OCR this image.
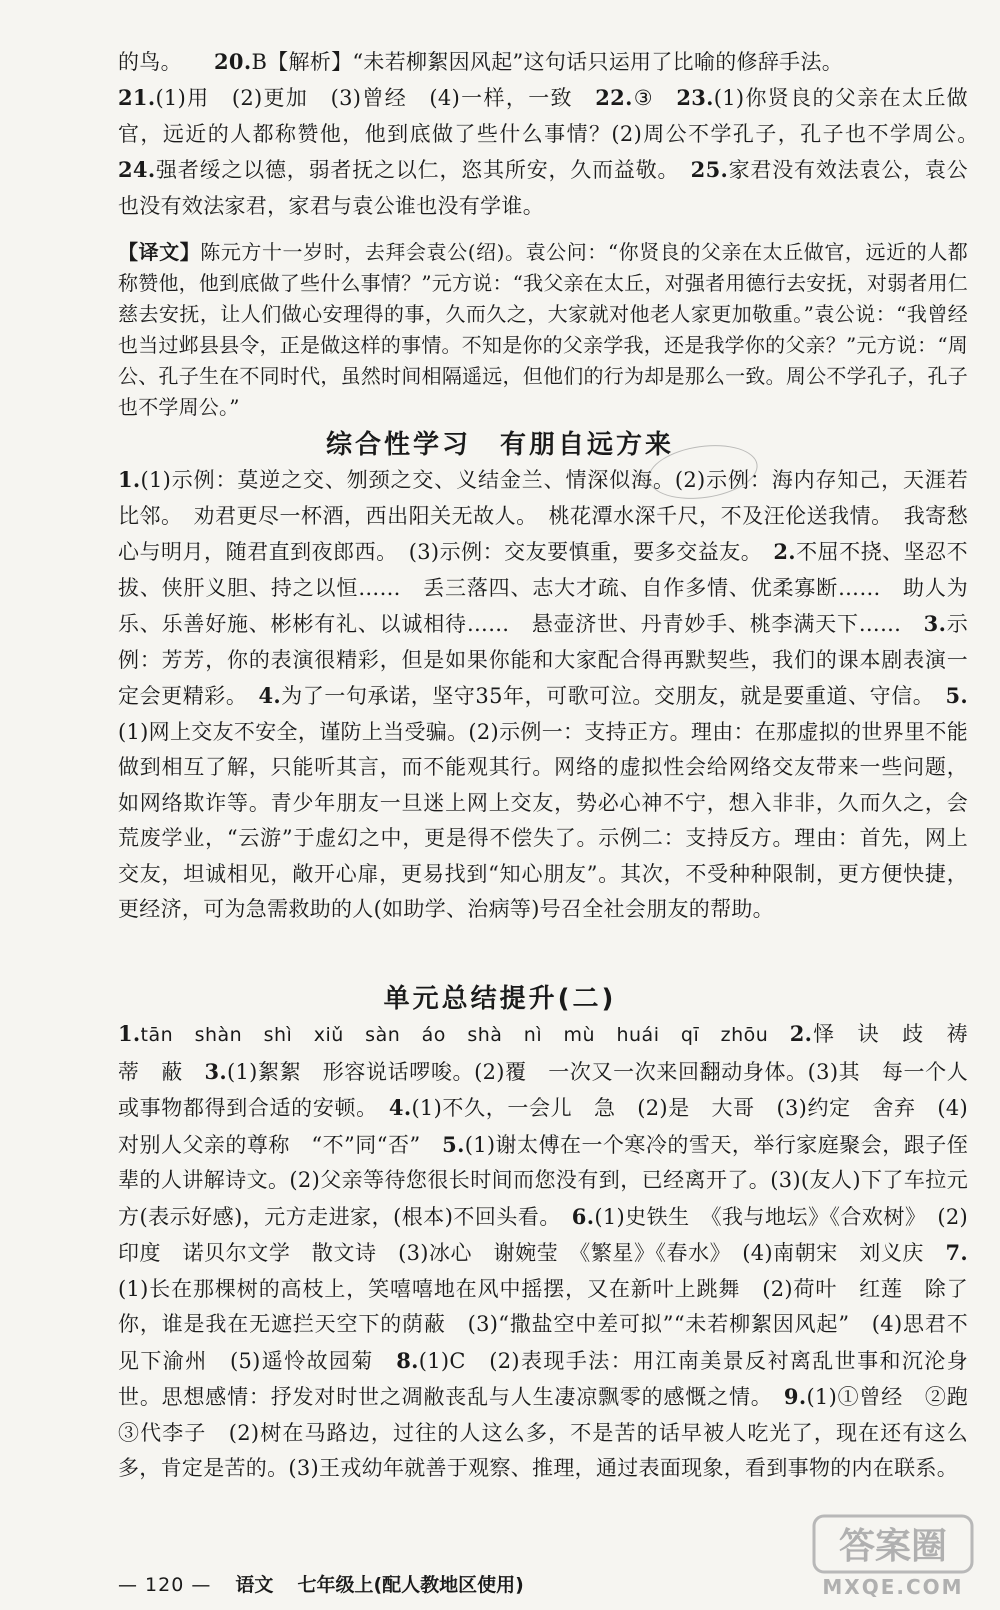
的鸟。　　 20.B【解析】“未若柳絮因风起”这句话只运用了比喻的修辞手法。
21.(1)用　(2)更加　(3)曾经　(4)一样，一致　22.③　23.(1)你贤良的父亲在太丘做官，远近的人都称赞他，他到底做了些什么事情？(2)周公不学孔子，孔子也不学周公。　24.强者绥之以德，弱者抚之以仁，恣其所安，久而益敬。　25.家君没有效法袁公，袁公也没有效法家君，家君与袁公谁也没有学谁。
【译文】陈元方十一岁时，去拜会袁公(绍)。袁公问：“你贤良的父亲在太丘做官，远近的人都称赞他，他到底做了些什么事情？”元方说：“我父亲在太丘，对强者用德行去安抚，对弱者用仁慈去安抚，让人们做心安理得的事，久而久之，大家就对他老人家更加敬重。”袁公说：“我曾经也当过邺县县令，正是做这样的事情。不知是你的父亲学我，还是我学你的父亲？”元方说：“周公、孔子生在不同时代，虽然时间相隔遥远，但他们的行为却是那么一致。周公不学孔子，孔子也不学周公。”
综合性学习　有朋自远方来
1.(1)示例：莫逆之交、刎颈之交、义结金兰、情深似海。(2)示例：海内存知己，天涯若比邻。　劝君更尽一杯酒，西出阳关无故人。　桃花潭水深千尺，不及汪伦送我情。　我寄愁心与明月，随君直到夜郎西。　(3)示例：交友要慎重，要多交益友。　2.不屈不挠、坚忍不拔、侠肝义胆、持之以恒……　丢三落四、志大才疏、自作多情、优柔寡断……　助人为乐、乐善好施、彬彬有礼、以诚相待……　悬壶济世、丹青妙手、桃李满天下……　3.示例：芳芳，你的表演很精彩，但是如果你能和大家配合得再默契些，我们的课本剧表演一定会更精彩。　4.为了一句承诺，坚守35年，可歌可泣。交朋友，就是要重道、守信。　5.(1)网上交友不安全，谨防上当受骗。(2)示例一：支持正方。理由：在那虚拟的世界里不能做到相互了解，只能听其言，而不能观其行。网络的虚拟性会给网络交友带来一些问题，如网络欺诈等。青少年朋友一旦迷上网上交友，势必心神不宁，想入非非，久而久之，会荒废学业，“云游”于虚幻之中，更是得不偿失了。示例二：支持反方。理由：首先，网上交友，坦诚相见，敞开心扉，更易找到“知心朋友”。其次，不受种种限制，更方便快捷，更经济，可为急需救助的人(如助学、治病等)号召全社会朋友的帮助。
单元总结提升(二)
1.tān　shàn　shì　xiǔ　sàn　áo　shà　nì　mù　huái　qī　zhōu　2.怿　诀　歧　祷　蒂　蔽　3.(1)絮絮　形容说话啰唆。(2)覆　一次又一次来回翻动身体。(3)其　每一个人或事物都得到合适的安顿。　4.(1)不久，一会儿　急　(2)是　大哥　(3)约定　舍弃　(4)对别人父亲的尊称　“不”同“否”　5.(1)谢太傅在一个寒冷的雪天，举行家庭聚会，跟子侄辈的人讲解诗文。(2)父亲等待您很长时间而您没有到，已经离开了。(3)(友人)下了车拉元方(表示好感)，元方走进家，(根本)不回头看。　6.(1)史铁生　《我与地坛》《合欢树》　(2)印度　诺贝尔文学　散文诗　(3)冰心　谢婉莹　《繁星》《春水》　(4)南朝宋　刘义庆　7.(1)长在那棵树的高枝上，笑嘻嘻地在风中摇摆，又在新叶上跳舞　(2)荷叶　红莲　除了你，谁是我在无遮拦天空下的荫蔽　(3)“撒盐空中差可拟”“未若柳絮因风起”　(4)思君不见下渝州　(5)遥怜故园菊　8.(1)C　(2)表现手法：用江南美景反衬离乱世事和沉沦身世。思想感情：抒发对时世之凋敝丧乱与人生凄凉飘零的感慨之情。　9.(1)①曾经　②跑　③代李子　(2)树在马路边，过往的人这么多，不是苦的话早被人吃光了，现在还有这么多，肯定是苦的。(3)王戎幼年就善于观察、推理，通过表面现象，看到事物的内在联系。
— 120 — 语文 七年级上(配人教地区使用)
答案圈
MXQE.COM
